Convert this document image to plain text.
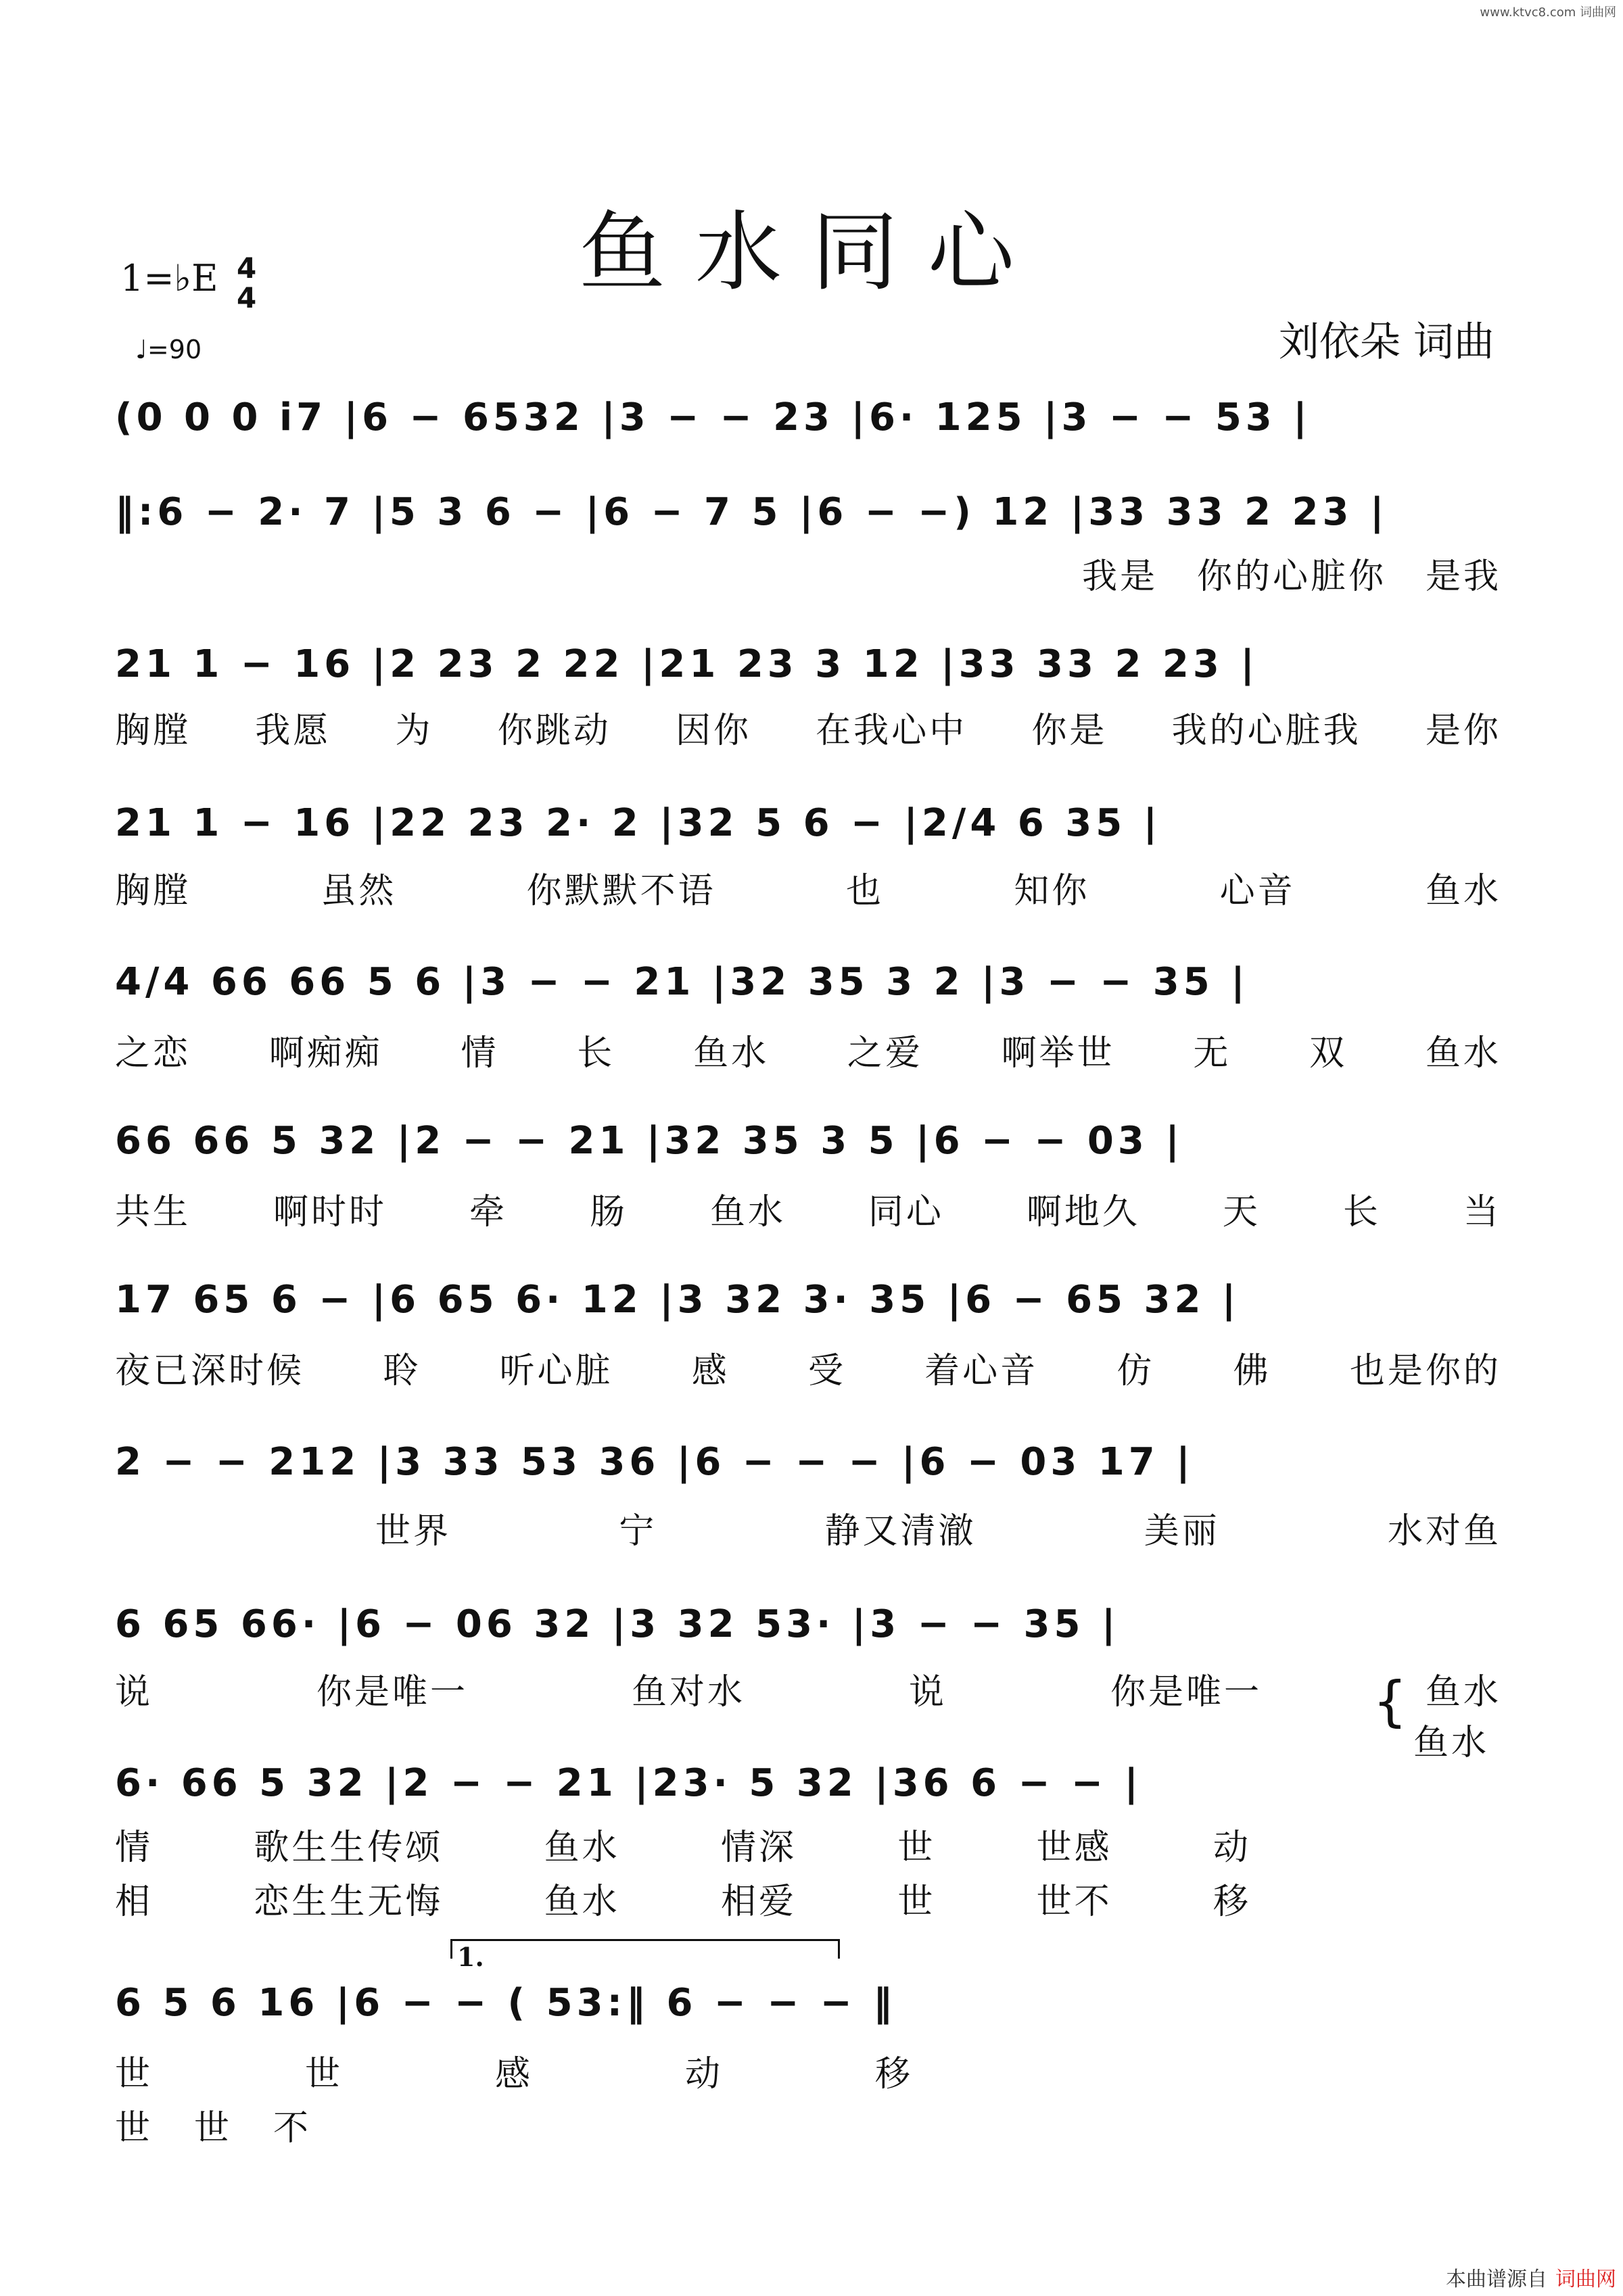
www.ktvc8.com 词曲网
鱼水同心
1=♭E 4
4
♩=90	刘依朵 词曲
(0 0 0 i7 |6 − 6532 |3 − − 23 |6· 125 |3 − − 53 |
‖:6 − 2· 7 |5 3 6 − |6 − 7 5 |6 − −) 12 |33 33 2 23 |
我是 你的心脏你 是我
21 1 − 16 |2 23 2 22 |21 23 3 12 |33 33 2 23 |
胸膛 我愿 为 你跳动 因你 在我心中 你是 我的心脏我 是你
21 1 − 16 |22 23 2· 2 |32 5 6 − |2/4 6 35 |
胸膛	虽然	你默默不语	也	知你	心音	鱼水
4/4 66 66 5 6 |3 − − 21 |32 35 3 2 |3 − − 35 |
之恋 啊痴痴 情 长 鱼水 之爱 啊举世 无 双 鱼水
66 66 5 32 |2 − − 21 |32 35 3 5 |6 − − 03 |
共生 啊时时 牵 肠 鱼水 同心 啊地久 天 长 当
17 65 6 − |6 65 6· 12 |3 32 3· 35 |6 − 65 32 |
夜已深时候 聆 听心脏 感 受 着心音 仿 佛 也是你的
2 − − 212 |3 33 53 36 |6 − − − |6 − 03 17 |
世界	宁	静又清澈	美丽	水对鱼
6 65 66· |6 − 06 32 |3 32 53· |3 − − 35 |
说	你是唯一	鱼对水	说	你是唯一	鱼水
{
鱼水
6· 66 5 32 |2 − − 21 |23· 5 32 |36 6 − − |
情	歌生生传颂	鱼水	情深	世	世感	动
相	恋生生无悔	鱼水	相爱	世	世不	移
1.
6 5 6 16 |6 − − ( 53:‖ 6 − − − ‖
世	世	感	动	移
世 世 不
本曲谱源自 词曲网
